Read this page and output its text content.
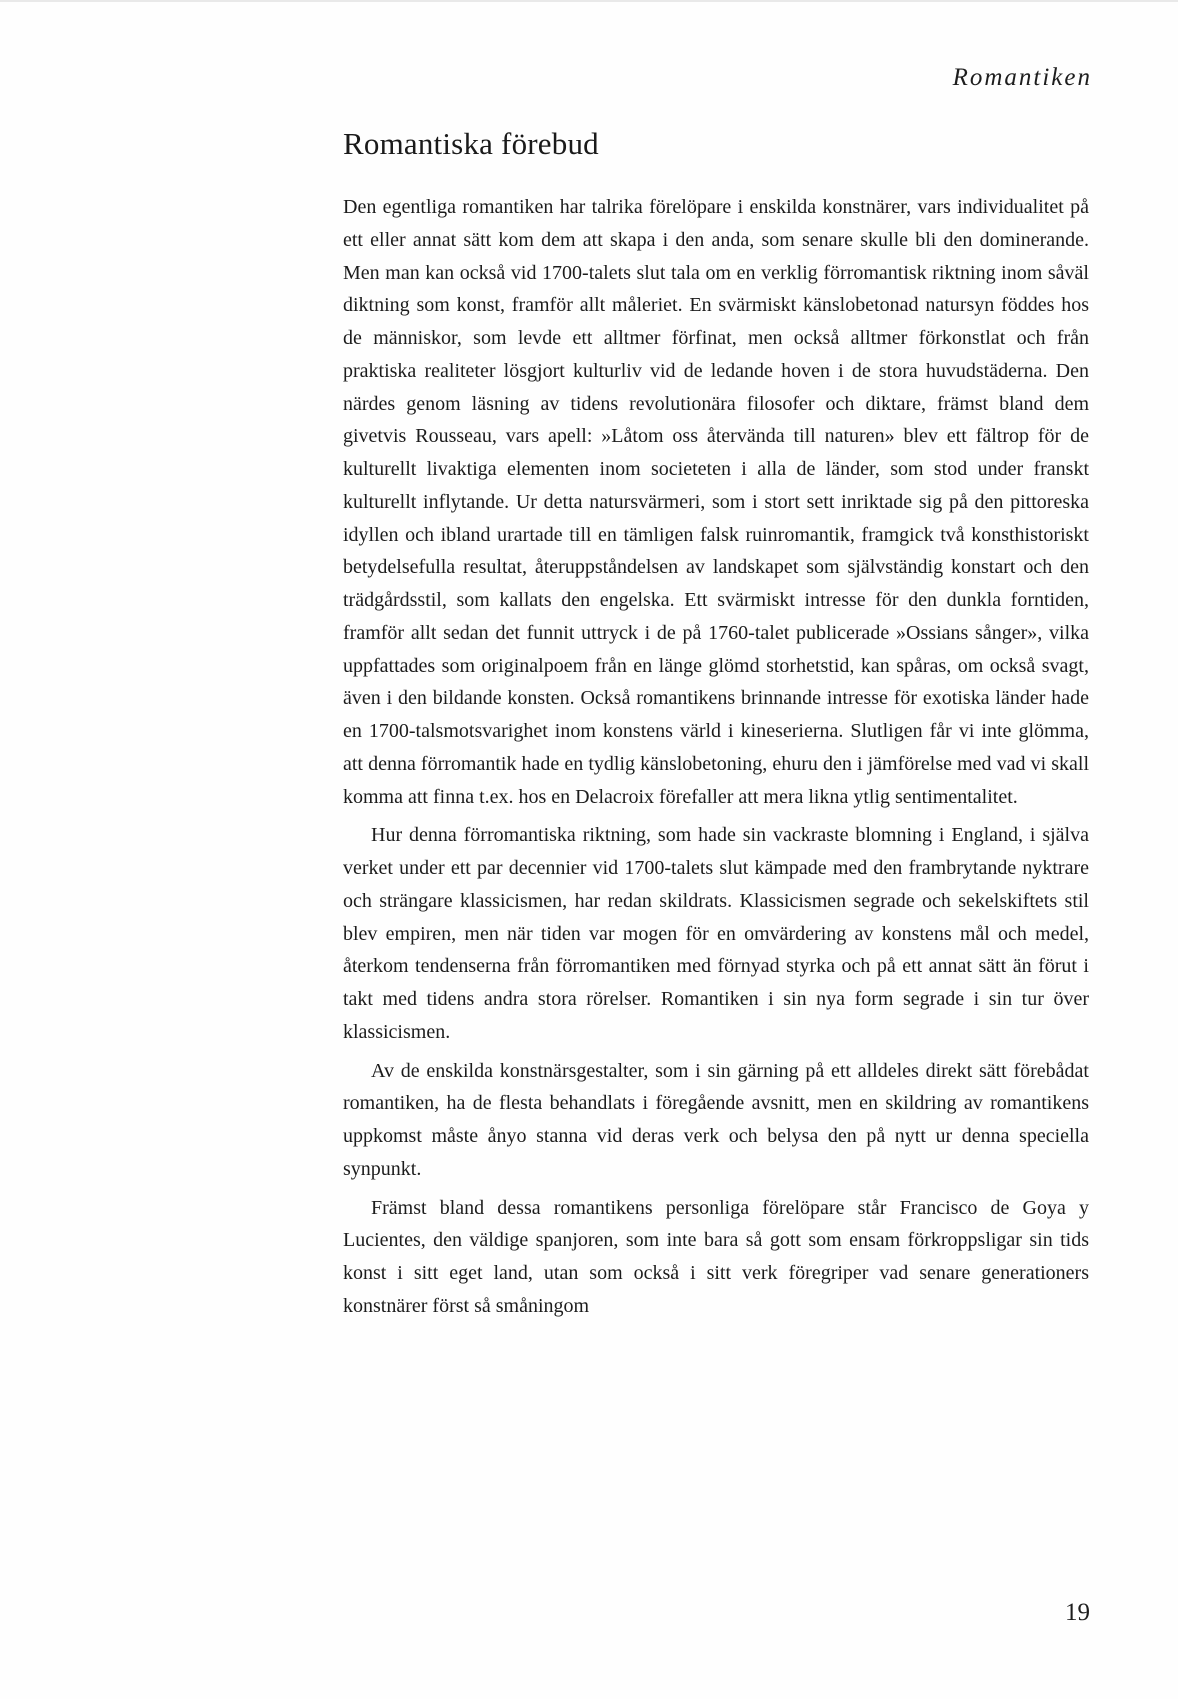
Romantiken
Romantiska förebud

Den egentliga romantiken har talrika förelöpare i enskilda konstnärer, vars individualitet på ett eller annat sätt kom dem att skapa i den anda, som senare skulle bli den dominerande. Men man kan också vid 1700-talets slut tala om en verklig förromantisk riktning inom såväl diktning som konst, framför allt måleriet. En svärmiskt känslobetonad natursyn föddes hos de människor, som levde ett alltmer förfinat, men också alltmer förkonstlat och från praktiska realiteter lösgjort kulturliv vid de ledande hoven i de stora huvudstäderna. Den närdes genom läsning av tidens revolutionära filosofer och diktare, främst bland dem givetvis Rousseau, vars apell: »Låtom oss återvända till naturen» blev ett fältrop för de kulturellt livaktiga elementen inom societeten i alla de länder, som stod under franskt kulturellt inflytande. Ur detta natursvärmeri, som i stort sett inriktade sig på den pittoreska idyllen och ibland urartade till en tämligen falsk ruinromantik, framgick två konsthistoriskt betydelsefulla resultat, återuppståndelsen av landskapet som självständig konstart och den trädgårdsstil, som kallats den engelska. Ett svärmiskt intresse för den dunkla forntiden, framför allt sedan det funnit uttryck i de på 1760-talet publicerade »Ossians sånger», vilka uppfattades som originalpoem från en länge glömd storhetstid, kan spåras, om också svagt, även i den bildande konsten. Också romantikens brinnande intresse för exotiska länder hade en 1700-talsmotsvarighet inom konstens värld i kineserierna. Slutligen får vi inte glömma, att denna förromantik hade en tydlig känslobetoning, ehuru den i jämförelse med vad vi skall komma att finna t.ex. hos en Delacroix förefaller att mera likna ytlig sentimentalitet.

Hur denna förromantiska riktning, som hade sin vackraste blomning i England, i själva verket under ett par decennier vid 1700-talets slut kämpade med den frambrytande nyktrare och strängare klassicismen, har redan skildrats. Klassicismen segrade och sekelskiftets stil blev empiren, men när tiden var mogen för en omvärdering av konstens mål och medel, återkom tendenserna från förromantiken med förnyad styrka och på ett annat sätt än förut i takt med tidens andra stora rörelser. Romantiken i sin nya form segrade i sin tur över klassicismen.

Av de enskilda konstnärsgestalter, som i sin gärning på ett alldeles direkt sätt förebådat romantiken, ha de flesta behandlats i föregående avsnitt, men en skildring av romantikens uppkomst måste ånyo stanna vid deras verk och belysa den på nytt ur denna speciella synpunkt.

Främst bland dessa romantikens personliga förelöpare står Francisco de Goya y Lucientes, den väldige spanjoren, som inte bara så gott som ensam förkroppsligar sin tids konst i sitt eget land, utan som också i sitt verk föregriper vad senare generationers konstnärer först så småningom

19
